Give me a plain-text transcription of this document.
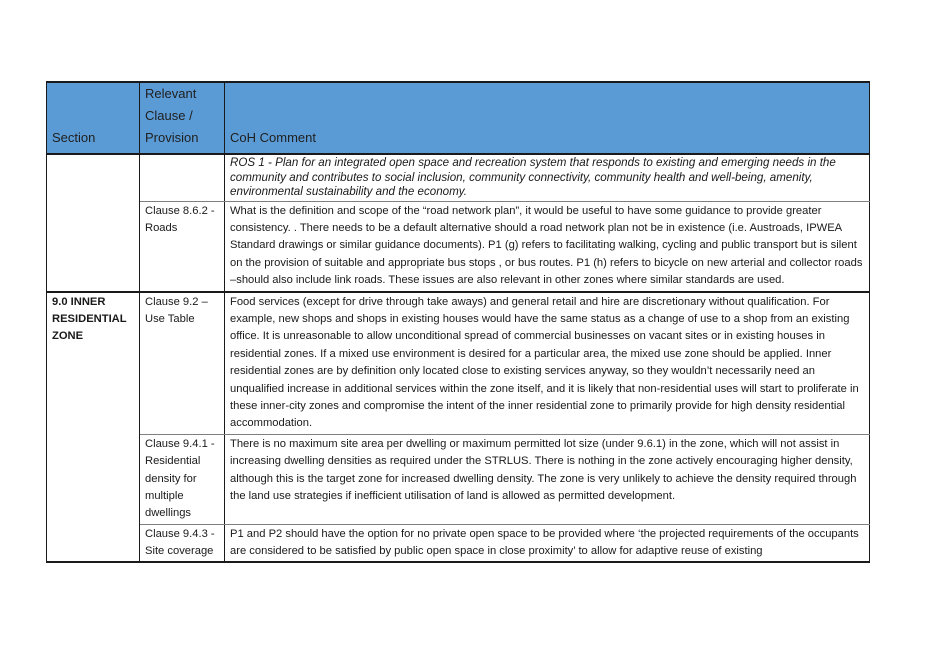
Section	Relevant Clause / Provision	CoH Comment
		ROS 1 - Plan for an integrated open space and recreation system that responds to existing and emerging needs in the community and contributes to social inclusion, community connectivity, community health and well-being, amenity, environmental sustainability and the economy.
	Clause 8.6.2 - Roads	What is the definition and scope of the “road network plan”, it would be useful to have some guidance to provide greater consistency. . There needs to be a default alternative should a road network plan not be in existence (i.e. Austroads, IPWEA Standard drawings or similar guidance documents). P1 (g) refers to facilitating walking, cycling and public transport but is silent on the provision of suitable and appropriate bus stops , or bus routes. P1 (h) refers to bicycle on new arterial and collector roads –should also include link roads. These issues are also relevant in other zones where similar standards are used.
9.0 INNER RESIDENTIAL ZONE	Clause 9.2 – Use Table	Food services (except for drive through take aways) and general retail and hire are discretionary without qualification. For example, new shops and shops in existing houses would have the same status as a change of use to a shop from an existing office. It is unreasonable to allow unconditional spread of commercial businesses on vacant sites or in existing houses in residential zones. If a mixed use environment is desired for a particular area, the mixed use zone should be applied. Inner residential zones are by definition only located close to existing services anyway, so they wouldn’t necessarily need an unqualified increase in additional services within the zone itself, and it is likely that non-residential uses will start to proliferate in these inner-city zones and compromise the intent of the inner residential zone to primarily provide for high density residential accommodation.
	Clause 9.4.1 - Residential density for multiple dwellings	There is no maximum site area per dwelling or maximum permitted lot size (under 9.6.1) in the zone, which will not assist in increasing dwelling densities as required under the STRLUS. There is nothing in the zone actively encouraging higher density, although this is the target zone for increased dwelling density. The zone is very unlikely to achieve the density required through the land use strategies if inefficient utilisation of land is allowed as permitted development.

	Clause 9.4.3 - Site coverage	P1 and P2 should have the option for no private open space to be provided where ‘the projected requirements of the occupants are considered to be satisfied by public open space in close proximity’ to allow for adaptive reuse of existing
